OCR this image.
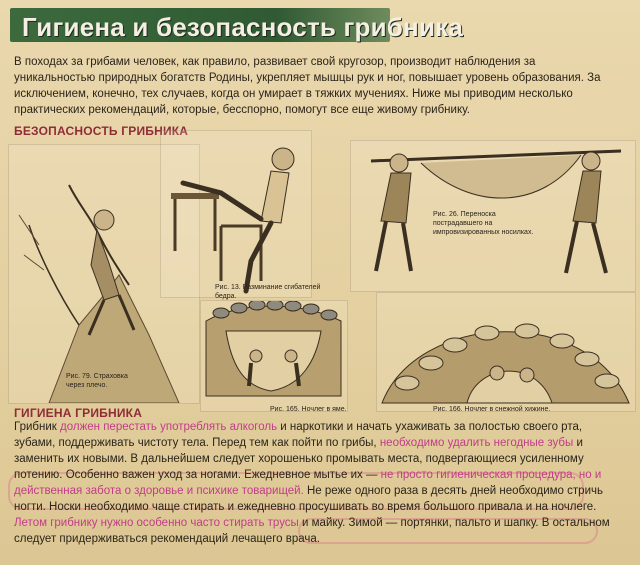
Гигиена и безопасность грибника
В походах за грибами человек, как правило, развивает свой кругозор, производит наблюдения за уникальностью природных богатств Родины, укрепляет мышцы рук и ног, повышает уровень образования. За исключением, конечно, тех случаев, когда он умирает в тяжких мучениях. Ниже мы приводим несколько практических рекомендаций, которые, бесспорно, помогут все еще живому грибнику.
БЕЗОПАСНОСТЬ ГРИБНИКА
Рис. 79. Страховка через плечо.
Рис. 13. Разминание сгибателей бедра.
Рис. 26. Переноска пострадавшего на импровизированных носилках.
Рис. 165. Ночлег в яме.	Рис. 166. Ночлег в снежной хижине.
ГИГИЕНА ГРИБНИКА
Грибник должен перестать употреблять алкоголь и наркотики и начать ухаживать за полостью своего рта, зубами, поддерживать чистоту тела. Перед тем как пойти по грибы, необходимо удалить негодные зубы и заменить их новыми. В дальнейшем следует хорошенько промывать места, подвергающиеся усиленному потению. Особенно важен уход за ногами. Ежедневное мытье их — не просто гигиеническая процедура, но и действенная забота о здоровье и психике товарищей. Не реже одного раза в десять дней необходимо стричь ногти. Носки необходимо чаще стирать и ежедневно просушивать во время большого привала и на ночлеге. Летом грибнику нужно особенно часто стирать трусы и майку. Зимой — портянки, пальто и шапку. В остальном следует придерживаться рекомендаций лечащего врача.
